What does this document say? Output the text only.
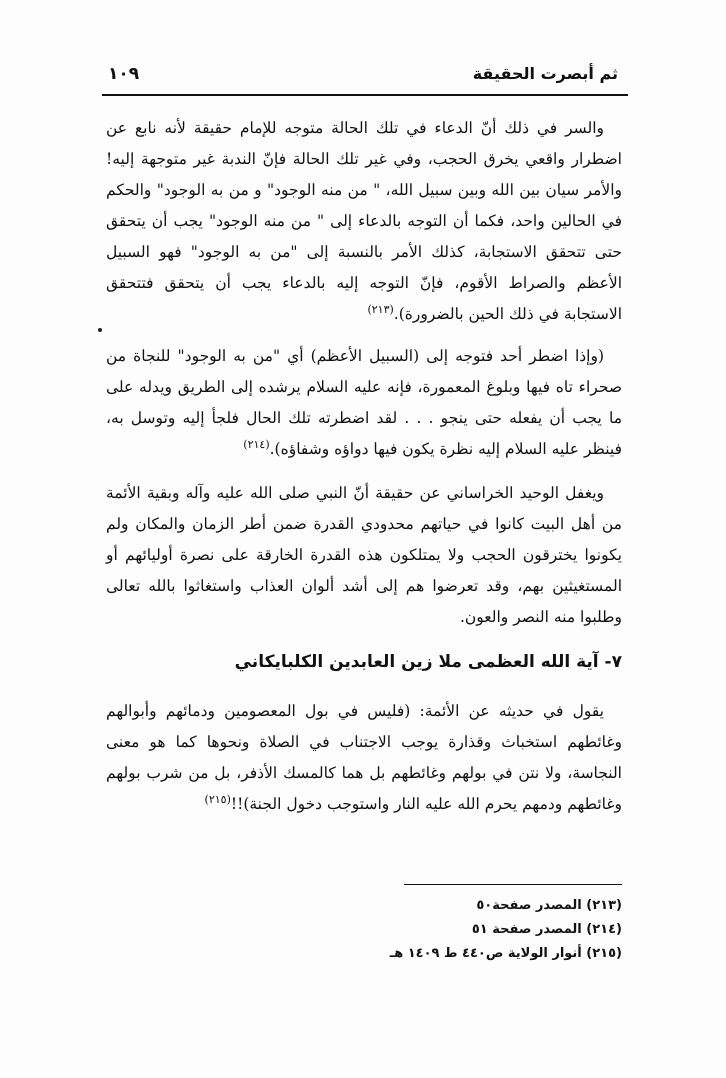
ثم أبصرت الحقيقة
١٠٩

والسر في ذلك أنّ الدعاء في تلك الحالة متوجه للإمام حقيقة لأنه نابع عن اضطرار واقعي يخرق الحجب، وفي غير تلك الحالة فإنّ الندبة غير متوجهة إليه! والأمر سيان بين الله وبين سبيل الله، " من منه الوجود" و من به الوجود" والحكم في الحالين واحد، فكما أن التوجه بالدعاء إلى " من منه الوجود" يجب أن يتحقق حتى تتحقق الاستجابة، كذلك الأمر بالنسبة إلى "من به الوجود" فهو السبيل الأعظم والصراط الأقوم، فإنّ التوجه إليه بالدعاء يجب أن يتحقق فتتحقق الاستجابة في ذلك الحين بالضرورة).$^{(٢١٣)}$

(وإذا اضطر أحد فتوجه إلى (السبيل الأعظم) أي "من به الوجود" للنجاة من صحراء تاه فيها وبلوغ المعمورة، فإنه عليه السلام يرشده إلى الطريق ويدله على ما يجب أن يفعله حتى ينجو . . . لقد اضطرته تلك الحال فلجأ إليه وتوسل به، فينظر عليه السلام إليه نظرة يكون فيها دواؤه وشفاؤه).$^{(٢١٤)}$

ويغفل الوحيد الخراساني عن حقيقة أنّ النبي صلى الله عليه وآله وبقية الأئمة من أهل البيت كانوا في حياتهم محدودي القدرة ضمن أطر الزمان والمكان ولم يكونوا يخترقون الحجب ولا يمتلكون هذه القدرة الخارقة على نصرة أوليائهم أو المستغيثين بهم، وقد تعرضوا هم إلى أشد ألوان العذاب واستغاثوا بالله تعالى وطلبوا منه النصر والعون.

٧- آية الله العظمى ملا زين العابدين الكلبايكاني

يقول في حديثه عن الأئمة: (فليس في بول المعصومين ودمائهم وأبوالهم وغائطهم استخباث وقذارة يوجب الاجتناب في الصلاة ونحوها كما هو معنى النجاسة، ولا نتن في بولهم وغائطهم بل هما كالمسك الأذفر، بل من شرب بولهم وغائطهم ودمهم يحرم الله عليه النار واستوجب دخول الجنة)!!$^{(٢١٥)}$

(٢١٣) المصدر صفحة٥٠
(٢١٤) المصدر صفحة ٥١
(٢١٥) أنوار الولاية ص٤٤٠ ط ١٤٠٩ هـ
